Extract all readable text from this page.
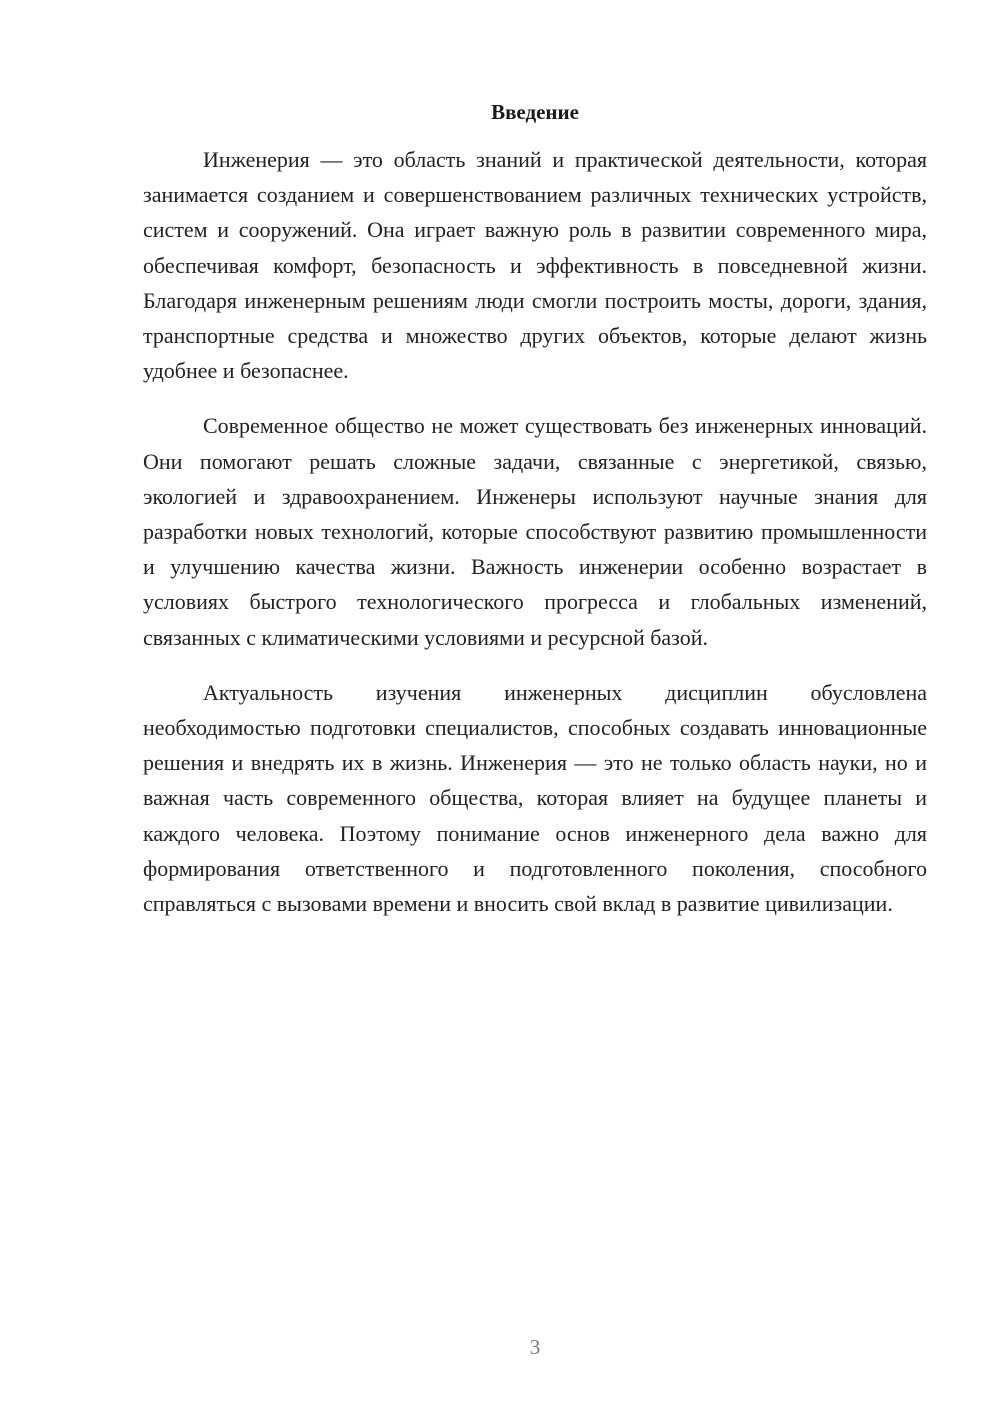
Введение

Инженерия — это область знаний и практической деятельности, которая занимается созданием и совершенствованием различных технических устройств, систем и сооружений. Она играет важную роль в развитии современного мира, обеспечивая комфорт, безопасность и эффективность в повседневной жизни. Благодаря инженерным решениям люди смогли построить мосты, дороги, здания, транспортные средства и множество других объектов, которые делают жизнь удобнее и безопаснее.

Современное общество не может существовать без инженерных инноваций. Они помогают решать сложные задачи, связанные с энергетикой, связью, экологией и здравоохранением. Инженеры используют научные знания для разработки новых технологий, которые способствуют развитию промышленности и улучшению качества жизни. Важность инженерии особенно возрастает в условиях быстрого технологического прогресса и глобальных изменений, связанных с климатическими условиями и ресурсной базой.

Актуальность изучения инженерных дисциплин обусловлена необходимостью подготовки специалистов, способных создавать инновационные решения и внедрять их в жизнь. Инженерия — это не только область науки, но и важная часть современного общества, которая влияет на будущее планеты и каждого человека. Поэтому понимание основ инженерного дела важно для формирования ответственного и подготовленного поколения, способного справляться с вызовами времени и вносить свой вклад в развитие цивилизации.

3
